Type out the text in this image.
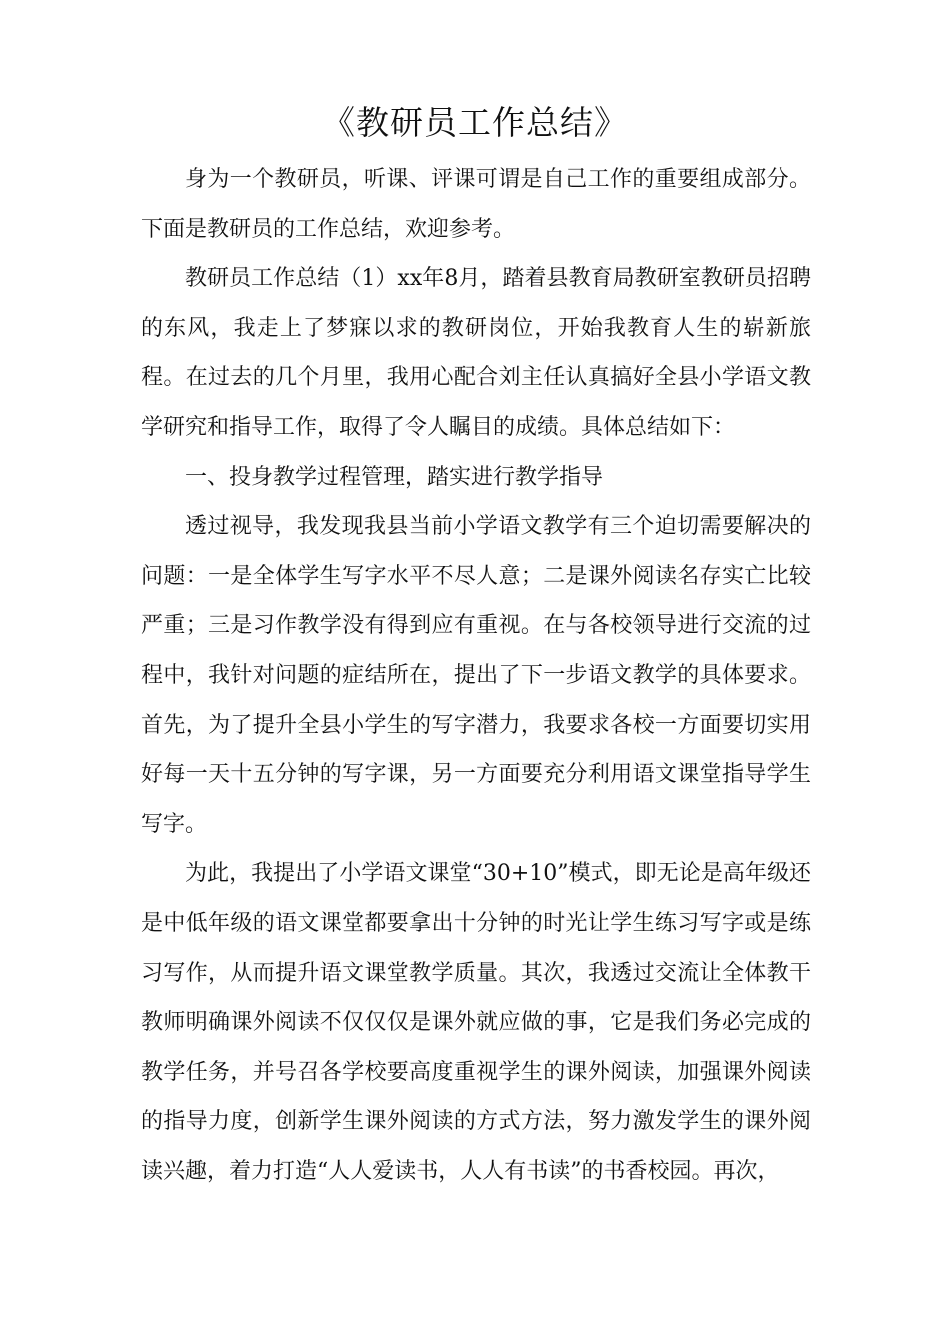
《教研员工作总结》

身为一个教研员，听课、评课可谓是自己工作的重要组成部分。下面是教研员的工作总结，欢迎参考。

教研员工作总结（1）xx年8月，踏着县教育局教研室教研员招聘的东风，我走上了梦寐以求的教研岗位，开始我教育人生的崭新旅程。在过去的几个月里，我用心配合刘主任认真搞好全县小学语文教学研究和指导工作，取得了令人瞩目的成绩。具体总结如下：

一、投身教学过程管理，踏实进行教学指导

透过视导，我发现我县当前小学语文教学有三个迫切需要解决的问题：一是全体学生写字水平不尽人意；二是课外阅读名存实亡比较严重；三是习作教学没有得到应有重视。在与各校领导进行交流的过程中，我针对问题的症结所在，提出了下一步语文教学的具体要求。首先，为了提升全县小学生的写字潜力，我要求各校一方面要切实用好每一天十五分钟的写字课，另一方面要充分利用语文课堂指导学生写字。

为此，我提出了小学语文课堂“30+10”模式，即无论是高年级还是中低年级的语文课堂都要拿出十分钟的时光让学生练习写字或是练习写作，从而提升语文课堂教学质量。其次，我透过交流让全体教干教师明确课外阅读不仅仅仅是课外就应做的事，它是我们务必完成的教学任务，并号召各学校要高度重视学生的课外阅读，加强课外阅读的指导力度，创新学生课外阅读的方式方法，努力激发学生的课外阅读兴趣，着力打造“人人爱读书，人人有书读”的书香校园。再次，
